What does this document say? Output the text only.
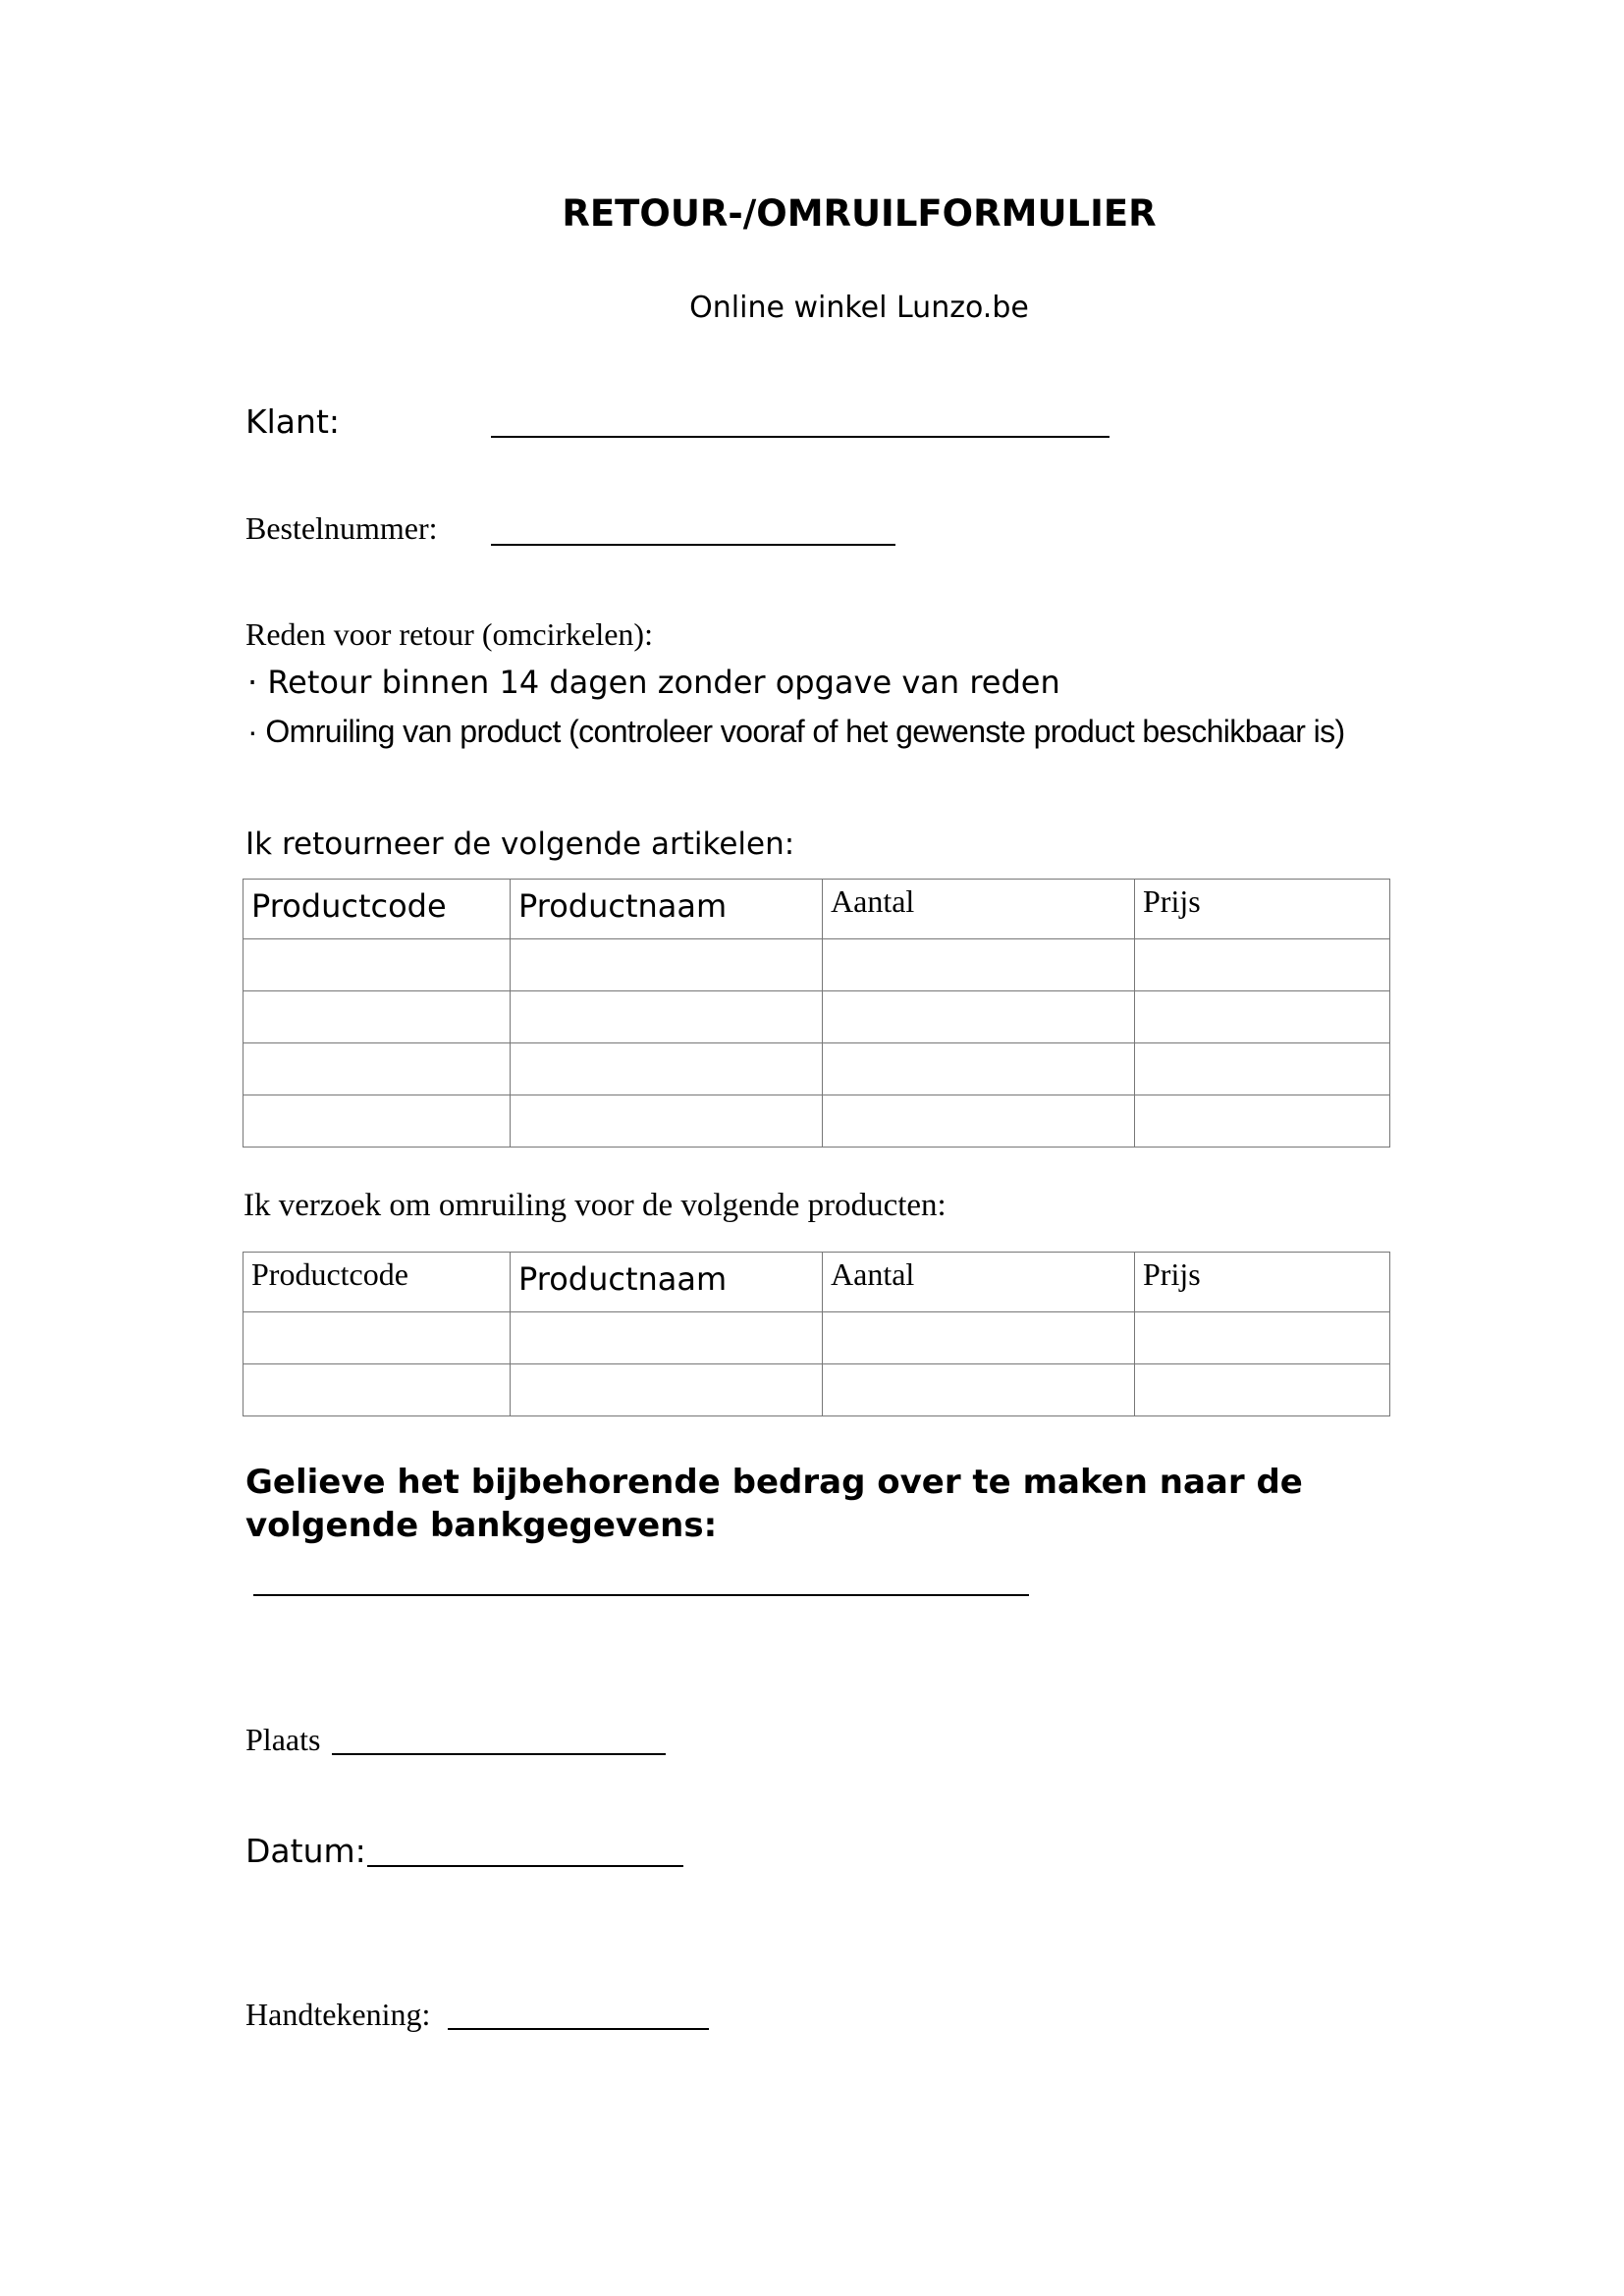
RETOUR-/OMRUILFORMULIER
Online winkel Lunzo.be
Klant:
Bestelnummer:
Reden voor retour (omcirkelen):
· Retour binnen 14 dagen zonder opgave van reden
· Omruiling van product (controleer vooraf of het gewenste product beschikbaar is)
Ik retourneer de volgende artikelen:
Productcode	Productnaam	Aantal	Prijs

Ik verzoek om omruiling voor de volgende producten:
Productcode	Productnaam	Aantal	Prijs

Gelieve het bijbehorende bedrag over te maken naar de volgende bankgegevens:
Plaats
Datum:
Handtekening:
